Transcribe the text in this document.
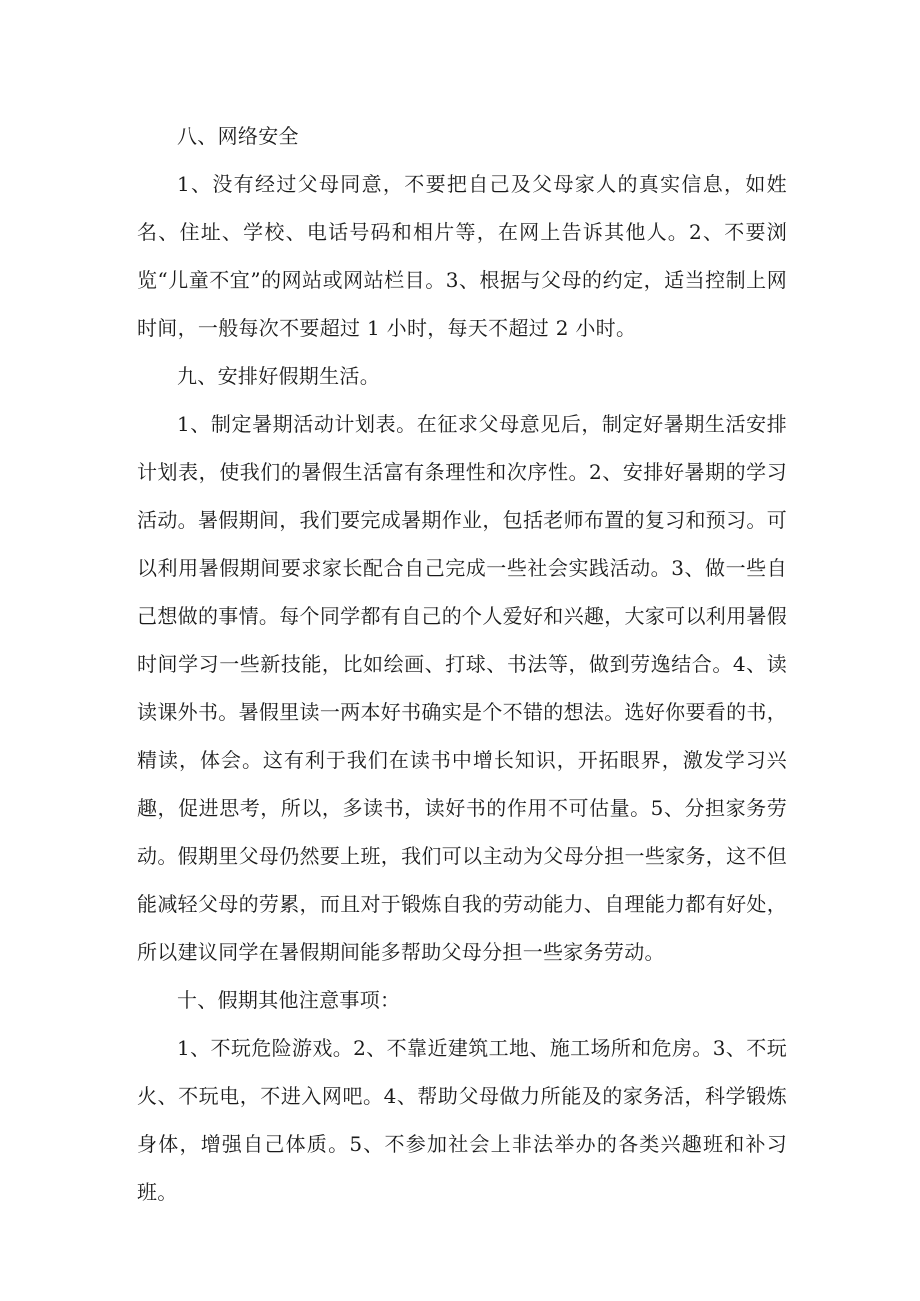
八、网络安全

1、没有经过父母同意，不要把自己及父母家人的真实信息，如姓名、住址、学校、电话号码和相片等，在网上告诉其他人。2、不要浏览“儿童不宜”的网站或网站栏目。3、根据与父母的约定，适当控制上网时间，一般每次不要超过 1 小时，每天不超过 2 小时。

九、安排好假期生活。

1、制定暑期活动计划表。在征求父母意见后，制定好暑期生活安排计划表，使我们的暑假生活富有条理性和次序性。2、安排好暑期的学习活动。暑假期间，我们要完成暑期作业，包括老师布置的复习和预习。可以利用暑假期间要求家长配合自己完成一些社会实践活动。3、做一些自己想做的事情。每个同学都有自己的个人爱好和兴趣，大家可以利用暑假时间学习一些新技能，比如绘画、打球、书法等，做到劳逸结合。4、读读课外书。暑假里读一两本好书确实是个不错的想法。选好你要看的书，精读，体会。这有利于我们在读书中增长知识，开拓眼界，激发学习兴趣，促进思考，所以，多读书，读好书的作用不可估量。5、分担家务劳动。假期里父母仍然要上班，我们可以主动为父母分担一些家务，这不但能减轻父母的劳累，而且对于锻炼自我的劳动能力、自理能力都有好处，所以建议同学在暑假期间能多帮助父母分担一些家务劳动。

十、假期其他注意事项：

1、不玩危险游戏。2、不靠近建筑工地、施工场所和危房。3、不玩火、不玩电，不进入网吧。4、帮助父母做力所能及的家务活，科学锻炼身体，增强自己体质。5、不参加社会上非法举办的各类兴趣班和补习班。
